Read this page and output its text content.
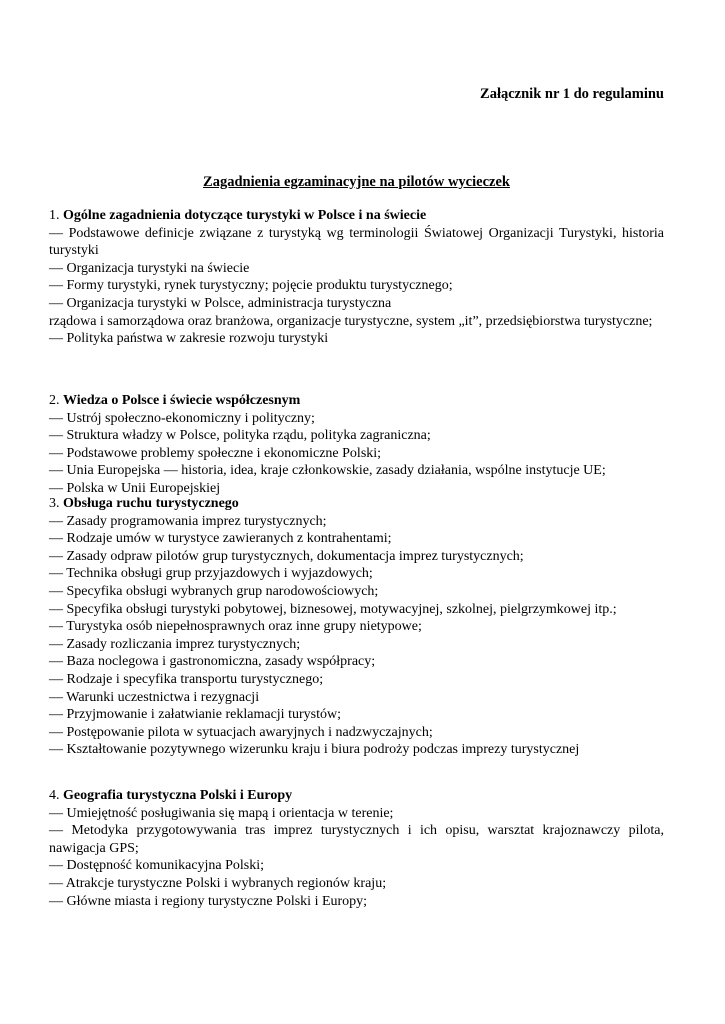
Załącznik nr 1 do regulaminu
Zagadnienia egzaminacyjne na pilotów wycieczek
1. Ogólne zagadnienia dotyczące turystyki w Polsce i na świecie
— Podstawowe definicje związane z turystyką wg terminologii Światowej Organizacji Turystyki, historia turystyki
— Organizacja turystyki na świecie
— Formy turystyki, rynek turystyczny; pojęcie produktu turystycznego;
— Organizacja turystyki w Polsce, administracja turystyczna
rządowa i samorządowa oraz branżowa, organizacje turystyczne, system „it”, przedsiębiorstwa turystyczne;
— Polityka państwa w zakresie rozwoju turystyki
2. Wiedza o Polsce i świecie współczesnym
— Ustrój społeczno-ekonomiczny i polityczny;
— Struktura władzy w Polsce, polityka rządu, polityka zagraniczna;
— Podstawowe problemy społeczne i ekonomiczne Polski;
— Unia Europejska — historia, idea, kraje członkowskie, zasady działania, wspólne instytucje UE;
— Polska w Unii Europejskiej
3. Obsługa ruchu turystycznego
— Zasady programowania imprez turystycznych;
— Rodzaje umów w turystyce zawieranych z kontrahentami;
— Zasady odpraw pilotów grup turystycznych, dokumentacja imprez turystycznych;
— Technika obsługi grup przyjazdowych i wyjazdowych;
— Specyfika obsługi wybranych grup narodowościowych;
— Specyfika obsługi turystyki pobytowej, biznesowej, motywacyjnej, szkolnej, pielgrzymkowej itp.;
— Turystyka osób niepełnosprawnych oraz inne grupy nietypowe;
— Zasady rozliczania imprez turystycznych;
— Baza noclegowa i gastronomiczna, zasady współpracy;
— Rodzaje i specyfika transportu turystycznego;
— Warunki uczestnictwa i rezygnacji
— Przyjmowanie i załatwianie reklamacji turystów;
— Postępowanie pilota w sytuacjach awaryjnych i nadzwyczajnych;
— Kształtowanie pozytywnego wizerunku kraju i biura podroży podczas imprezy turystycznej
4. Geografia turystyczna Polski i Europy
— Umiejętność posługiwania się mapą i orientacja w terenie;
— Metodyka przygotowywania tras imprez turystycznych i ich opisu, warsztat krajoznawczy pilota, nawigacja GPS;
— Dostępność komunikacyjna Polski;
— Atrakcje turystyczne Polski i wybranych regionów kraju;
— Główne miasta i regiony turystyczne Polski i Europy;
